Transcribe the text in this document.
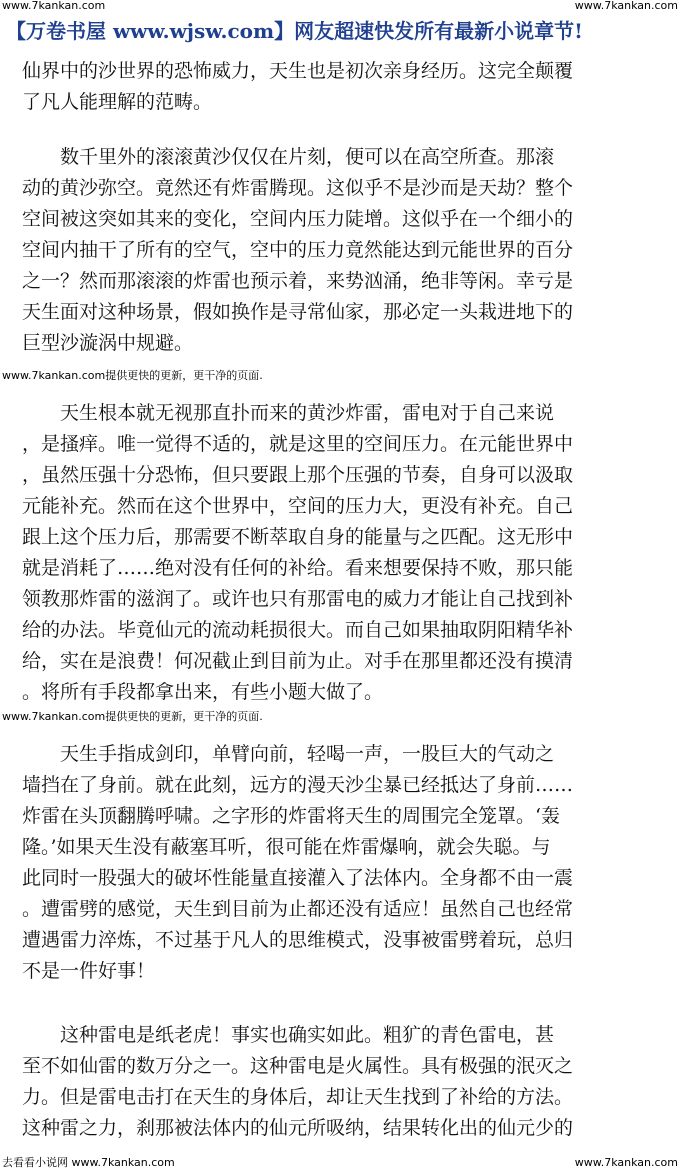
www.7kankan.com	www.7kankan.com
【万卷书屋 www.wjsw.com】网友超速快发所有最新小说章节!
仙界中的沙世界的恐怖威力，天生也是初次亲身经历。这完全颠覆
了凡人能理解的范畴。
　　数千里外的滚滚黄沙仅仅在片刻，便可以在高空所查。那滚
动的黄沙弥空。竟然还有炸雷腾现。这似乎不是沙而是天劫？整个
空间被这突如其来的变化，空间内压力陡增。这似乎在一个细小的
空间内抽干了所有的空气，空中的压力竟然能达到元能世界的百分
之一？然而那滚滚的炸雷也预示着，来势汹涌，绝非等闲。幸亏是
天生面对这种场景，假如换作是寻常仙家，那必定一头栽进地下的
巨型沙漩涡中规避。
www.7kankan.com提供更快的更新，更干净的页面.
　　天生根本就无视那直扑而来的黄沙炸雷，雷电对于自己来说
，是搔痒。唯一觉得不适的，就是这里的空间压力。在元能世界中
，虽然压强十分恐怖，但只要跟上那个压强的节奏，自身可以汲取
元能补充。然而在这个世界中，空间的压力大，更没有补充。自己
跟上这个压力后，那需要不断萃取自身的能量与之匹配。这无形中
就是消耗了……绝对没有任何的补给。看来想要保持不败，那只能
领教那炸雷的滋润了。或许也只有那雷电的威力才能让自己找到补
给的办法。毕竟仙元的流动耗损很大。而自己如果抽取阴阳精华补
给，实在是浪费！何况截止到目前为止。对手在那里都还没有摸清
。将所有手段都拿出来，有些小题大做了。
www.7kankan.com提供更快的更新，更干净的页面.
　　天生手指成剑印，单臂向前，轻喝一声，一股巨大的气动之
墙挡在了身前。就在此刻，远方的漫天沙尘暴已经抵达了身前……
炸雷在头顶翻腾呼啸。之字形的炸雷将天生的周围完全笼罩。‘轰
隆。’如果天生没有蔽塞耳听，很可能在炸雷爆响，就会失聪。与
此同时一股强大的破坏性能量直接灌入了法体内。全身都不由一震
。遭雷劈的感觉，天生到目前为止都还没有适应！虽然自己也经常
遭遇雷力淬炼，不过基于凡人的思维模式，没事被雷劈着玩，总归
不是一件好事！
　　这种雷电是纸老虎！事实也确实如此。粗犷的青色雷电，甚
至不如仙雷的数万分之一。这种雷电是火属性。具有极强的泯灭之
力。但是雷电击打在天生的身体后，却让天生找到了补给的方法。
这种雷之力，刹那被法体内的仙元所吸纳，结果转化出的仙元少的
去看看小说网 www.7kankan.com	www.7kankan.com
